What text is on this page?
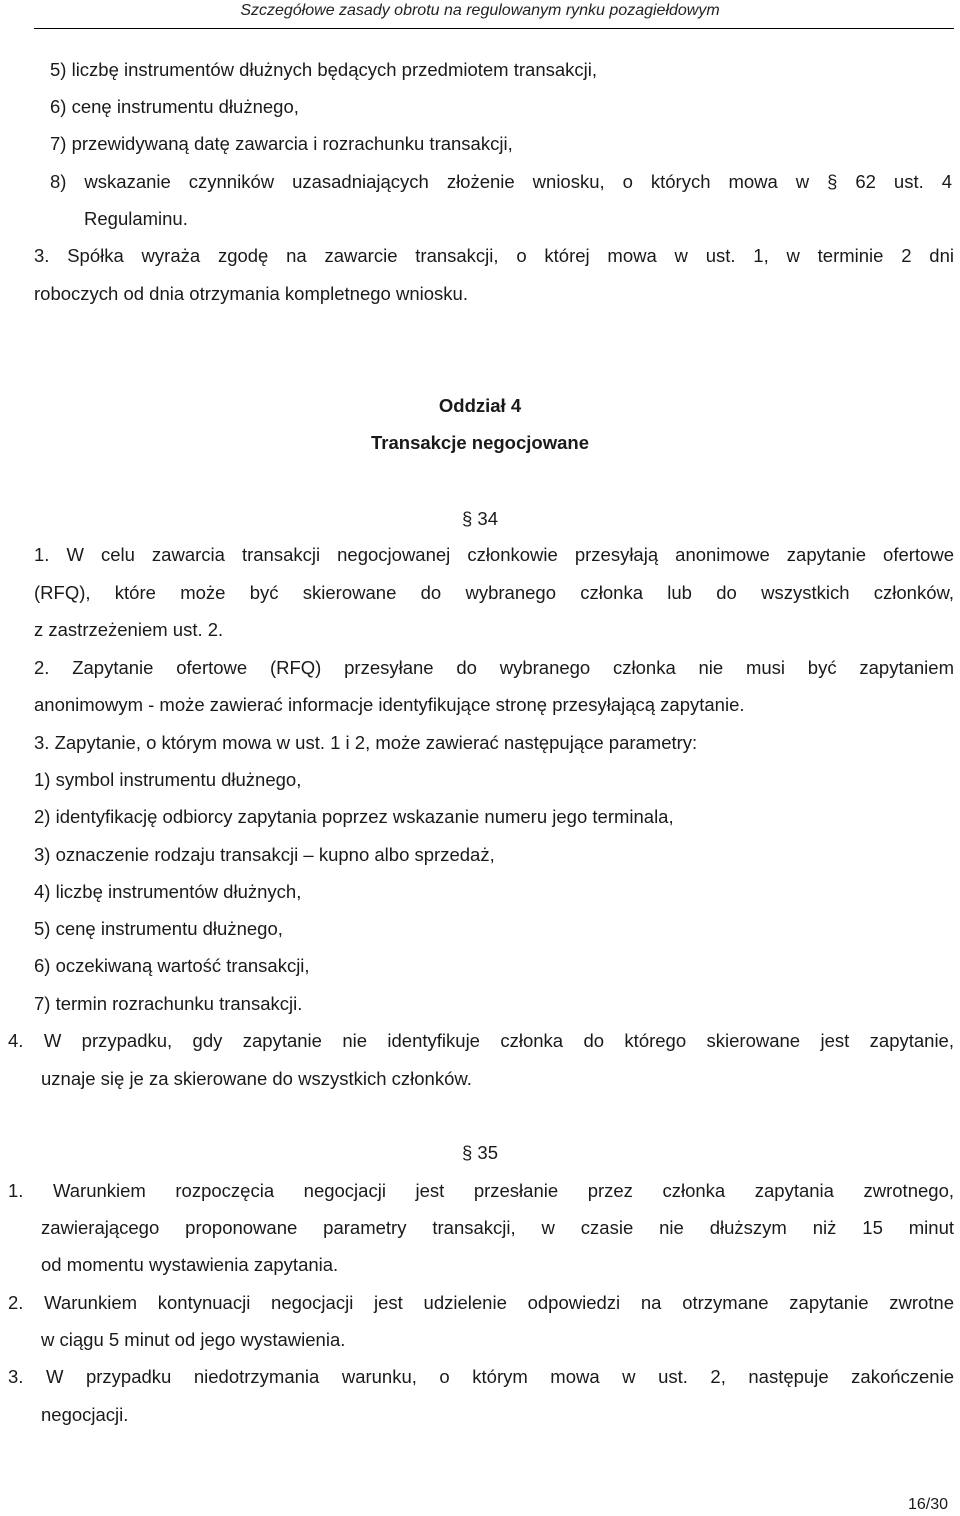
Szczegółowe zasady obrotu na regulowanym rynku pozagiełdowym
5) liczbę instrumentów dłużnych będących przedmiotem transakcji,
6) cenę instrumentu dłużnego,
7) przewidywaną datę zawarcia i rozrachunku transakcji,
8) wskazanie czynników uzasadniających złożenie wniosku, o których mowa w § 62 ust. 4
Regulaminu.
3. Spółka wyraża zgodę na zawarcie transakcji, o której mowa w ust. 1, w terminie 2 dni
roboczych od dnia otrzymania kompletnego wniosku.
Oddział 4
Transakcje negocjowane
§ 34
1. W celu zawarcia transakcji negocjowanej członkowie przesyłają anonimowe zapytanie ofertowe
(RFQ), które może być skierowane do wybranego członka lub do wszystkich członków,
z zastrzeżeniem ust. 2.
2. Zapytanie ofertowe (RFQ) przesyłane do wybranego członka nie musi być zapytaniem
anonimowym - może zawierać informacje identyfikujące stronę przesyłającą zapytanie.
3. Zapytanie, o którym mowa w ust. 1 i 2, może zawierać następujące parametry:
1) symbol instrumentu dłużnego,
2) identyfikację odbiorcy zapytania poprzez wskazanie numeru jego terminala,
3) oznaczenie rodzaju transakcji – kupno albo sprzedaż,
4) liczbę instrumentów dłużnych,
5) cenę instrumentu dłużnego,
6) oczekiwaną wartość transakcji,
7) termin rozrachunku transakcji.
4. W przypadku, gdy zapytanie nie identyfikuje członka do którego skierowane jest zapytanie,
uznaje się je za skierowane do wszystkich członków.
§ 35
1. Warunkiem rozpoczęcia negocjacji jest przesłanie przez członka zapytania zwrotnego,
zawierającego proponowane parametry transakcji, w czasie nie dłuższym niż 15 minut
od momentu wystawienia zapytania.
2. Warunkiem kontynuacji negocjacji jest udzielenie odpowiedzi na otrzymane zapytanie zwrotne
w ciągu 5 minut od jego wystawienia.
3. W przypadku niedotrzymania warunku, o którym mowa w ust. 2, następuje zakończenie
negocjacji.
16/30
